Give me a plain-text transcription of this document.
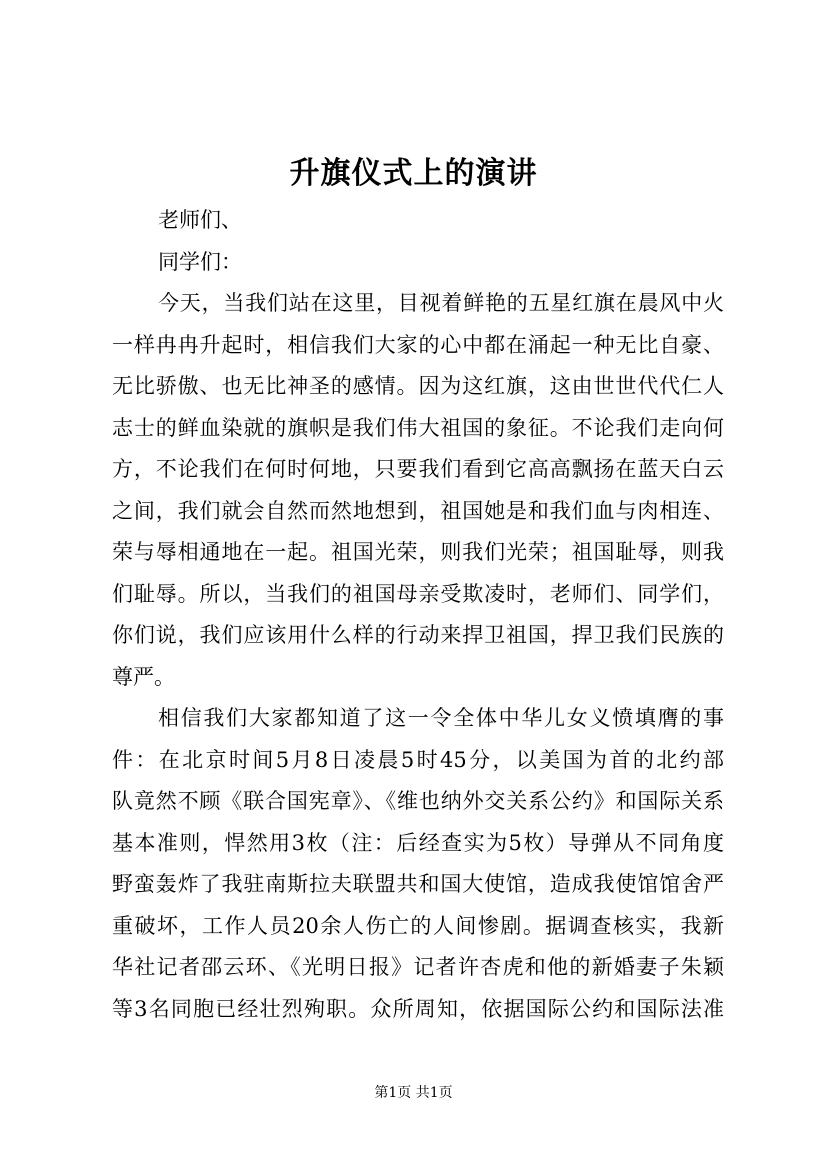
升旗仪式上的演讲
老师们、
同学们：
今天，当我们站在这里，目视着鲜艳的五星红旗在晨风中火
一样冉冉升起时，相信我们大家的心中都在涌起一种无比自豪、
无比骄傲、也无比神圣的感情。因为这红旗，这由世世代代仁人
志士的鲜血染就的旗帜是我们伟大祖国的象征。不论我们走向何
方，不论我们在何时何地，只要我们看到它高高飘扬在蓝天白云
之间，我们就会自然而然地想到，祖国她是和我们血与肉相连、
荣与辱相通地在一起。祖国光荣，则我们光荣；祖国耻辱，则我
们耻辱。所以，当我们的祖国母亲受欺凌时，老师们、同学们，
你们说，我们应该用什么样的行动来捍卫祖国，捍卫我们民族的
尊严。
相信我们大家都知道了这一令全体中华儿女义愤填膺的事
件：在北京时间5月8日凌晨5时45分，以美国为首的北约部
队竟然不顾《联合国宪章》、《维也纳外交关系公约》和国际关系
基本准则，悍然用3枚（注：后经查实为5枚）导弹从不同角度
野蛮轰炸了我驻南斯拉夫联盟共和国大使馆，造成我使馆馆舍严
重破坏，工作人员20余人伤亡的人间惨剧。据调查核实，我新
华社记者邵云环、《光明日报》记者许杏虎和他的新婚妻子朱颖
等3名同胞已经壮烈殉职。众所周知，依据国际公约和国际法准
第1页 共1页
